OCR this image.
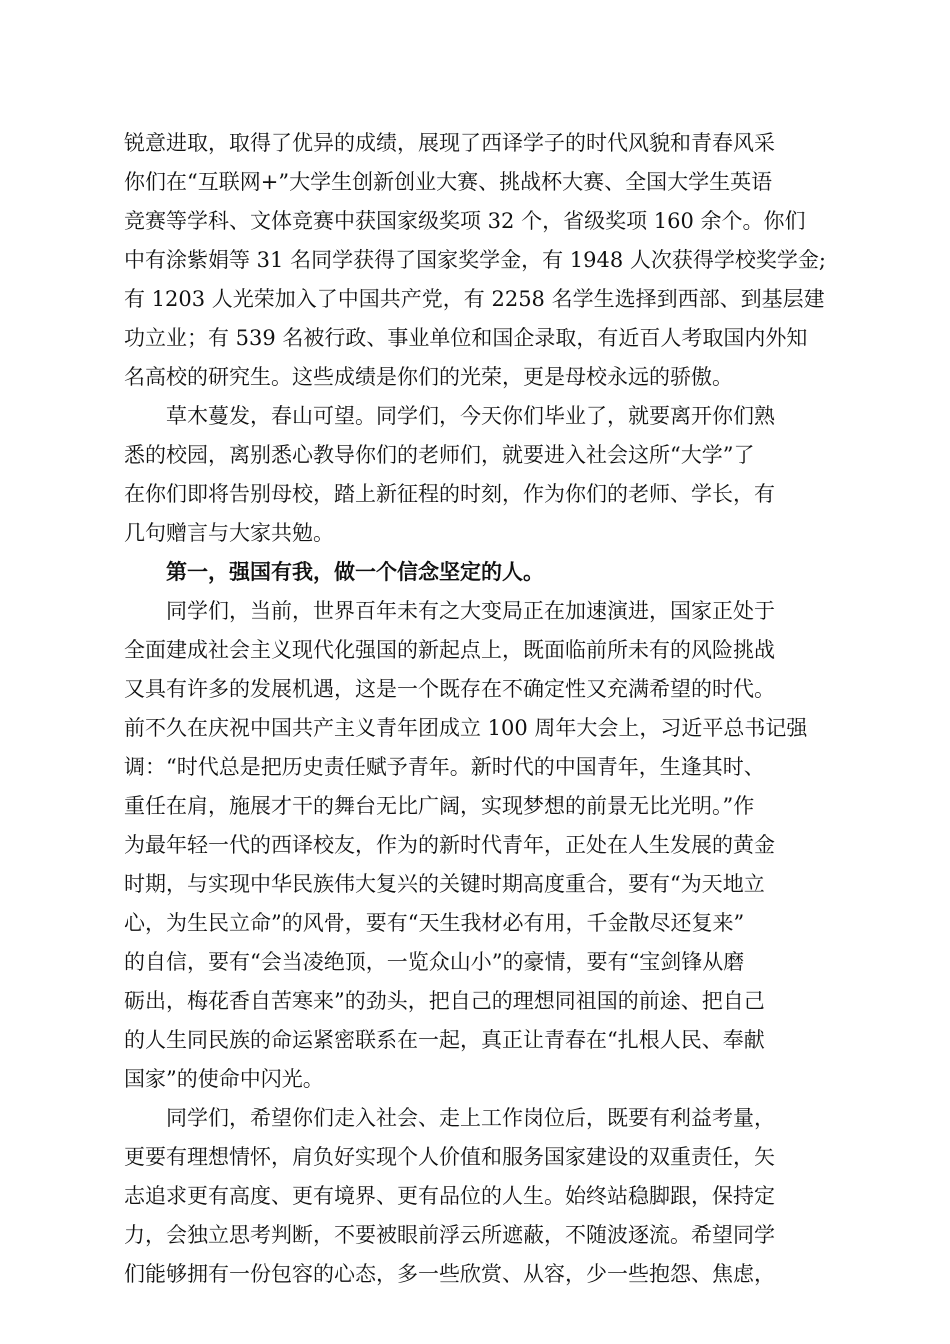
锐意进取，取得了优异的成绩，展现了西译学子的时代风貌和青春风采
你们在“互联网+”大学生创新创业大赛、挑战杯大赛、全国大学生英语
竞赛等学科、文体竞赛中获国家级奖项 32 个，省级奖项 160 余个。你们
中有涂紫娟等 31 名同学获得了国家奖学金，有 1948 人次获得学校奖学金;
有 1203 人光荣加入了中国共产党，有 2258 名学生选择到西部、到基层建
功立业；有 539 名被行政、事业单位和国企录取，有近百人考取国内外知
名高校的研究生。这些成绩是你们的光荣，更是母校永远的骄傲。
草木蔓发，春山可望。同学们，今天你们毕业了，就要离开你们熟
悉的校园，离别悉心教导你们的老师们，就要进入社会这所“大学”了
在你们即将告别母校，踏上新征程的时刻，作为你们的老师、学长，有
几句赠言与大家共勉。
第一，强国有我，做一个信念坚定的人。
同学们，当前，世界百年未有之大变局正在加速演进，国家正处于
全面建成社会主义现代化强国的新起点上，既面临前所未有的风险挑战
又具有许多的发展机遇，这是一个既存在不确定性又充满希望的时代。
前不久在庆祝中国共产主义青年团成立 100 周年大会上，习近平总书记强
调：“时代总是把历史责任赋予青年。新时代的中国青年，生逢其时、
重任在肩，施展才干的舞台无比广阔，实现梦想的前景无比光明。”作
为最年轻一代的西译校友，作为的新时代青年，正处在人生发展的黄金
时期，与实现中华民族伟大复兴的关键时期高度重合，要有“为天地立
心，为生民立命”的风骨，要有“天生我材必有用，千金散尽还复来”
的自信，要有“会当凌绝顶，一览众山小”的豪情，要有“宝剑锋从磨
砺出，梅花香自苦寒来”的劲头，把自己的理想同祖国的前途、把自己
的人生同民族的命运紧密联系在一起，真正让青春在“扎根人民、奉献
国家”的使命中闪光。
同学们，希望你们走入社会、走上工作岗位后，既要有利益考量，
更要有理想情怀，肩负好实现个人价值和服务国家建设的双重责任，矢
志追求更有高度、更有境界、更有品位的人生。始终站稳脚跟，保持定
力，会独立思考判断，不要被眼前浮云所遮蔽，不随波逐流。希望同学
们能够拥有一份包容的心态，多一些欣赏、从容，少一些抱怨、焦虑，
